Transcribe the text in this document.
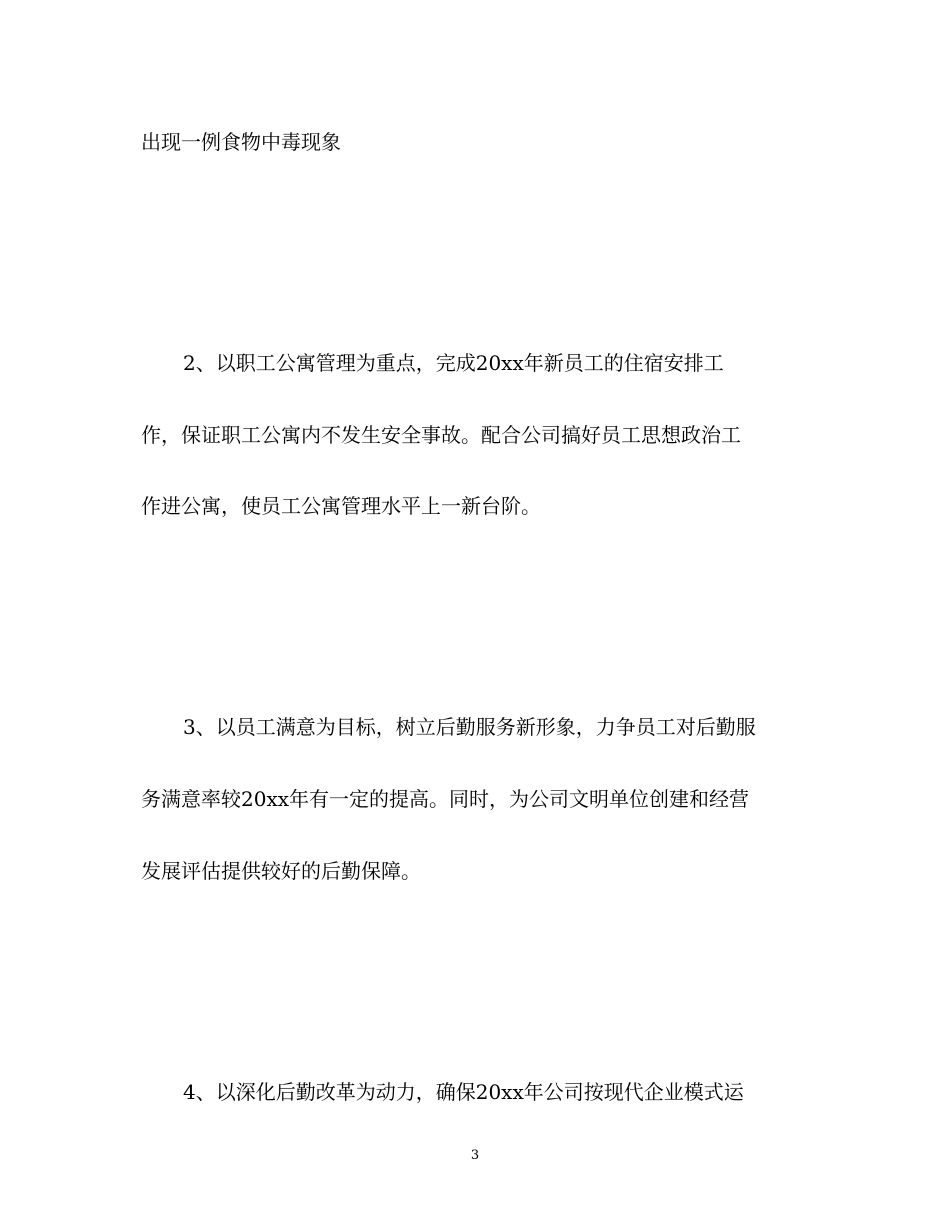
出现一例食物中毒现象
2、以职工公寓管理为重点，完成20xx年新员工的住宿安排工
作，保证职工公寓内不发生安全事故。配合公司搞好员工思想政治工
作进公寓，使员工公寓管理水平上一新台阶。
3、以员工满意为目标，树立后勤服务新形象，力争员工对后勤服
务满意率较20xx年有一定的提高。同时，为公司文明单位创建和经营
发展评估提供较好的后勤保障。
4、以深化后勤改革为动力，确保20xx年公司按现代企业模式运
3
